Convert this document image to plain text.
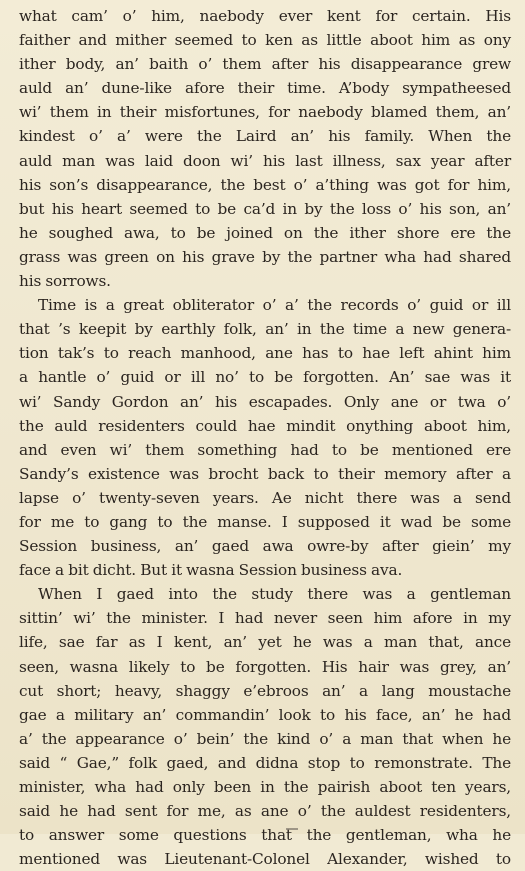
what cam’ o’ him, naebody ever kent for certain. His
faither and mither seemed to ken as little aboot him as ony
ither body, an’ baith o’ them after his disappearance grew
auld an’ dune-like afore their time. A’body sympatheesed
wi’ them in their misfortunes, for naebody blamed them, an’
kindest o’ a’ were the Laird an’ his family. When the
auld man was laid doon wi’ his last illness, sax year after
his son’s disappearance, the best o’ a’thing was got for him,
but his heart seemed to be ca’d in by the loss o’ his son, an’
he soughed awa, to be joined on the ither shore ere the
grass was green on his grave by the partner wha had shared
his sorrows.
Time is a great obliterator o’ a’ the records o’ guid or ill
that ’s keepit by earthly folk, an’ in the time a new genera-
tion tak’s to reach manhood, ane has to hae left ahint him
a hantle o’ guid or ill no’ to be forgotten. An’ sae was it
wi’ Sandy Gordon an’ his escapades. Only ane or twa o’
the auld residenters could hae mindit onything aboot him,
and even wi’ them something had to be mentioned ere
Sandy’s existence was brocht back to their memory after a
lapse o’ twenty-seven years. Ae nicht there was a send
for me to gang to the manse. I supposed it wad be some
Session business, an’ gaed awa owre-by after giein’ my
face a bit dicht. But it wasna Session business ava.
When I gaed into the study there was a gentleman
sittin’ wi’ the minister. I had never seen him afore in my
life, sae far as I kent, an’ yet he was a man that, ance
seen, wasna likely to be forgotten. His hair was grey, an’
cut short; heavy, shaggy e’ebroos an’ a lang moustache
gae a military an’ commandin’ look to his face, an’ he had
a’ the appearance o’ bein’ the kind o’ a man that when he
said “ Gae,” folk gaed, and didna stop to remonstrate. The
minister, wha had only been in the pairish aboot ten years,
said he had sent for me, as ane o’ the auldest residenters,
to answer some questions that the gentleman, wha he
mentioned was Lieutenant-Colonel Alexander, wished to
